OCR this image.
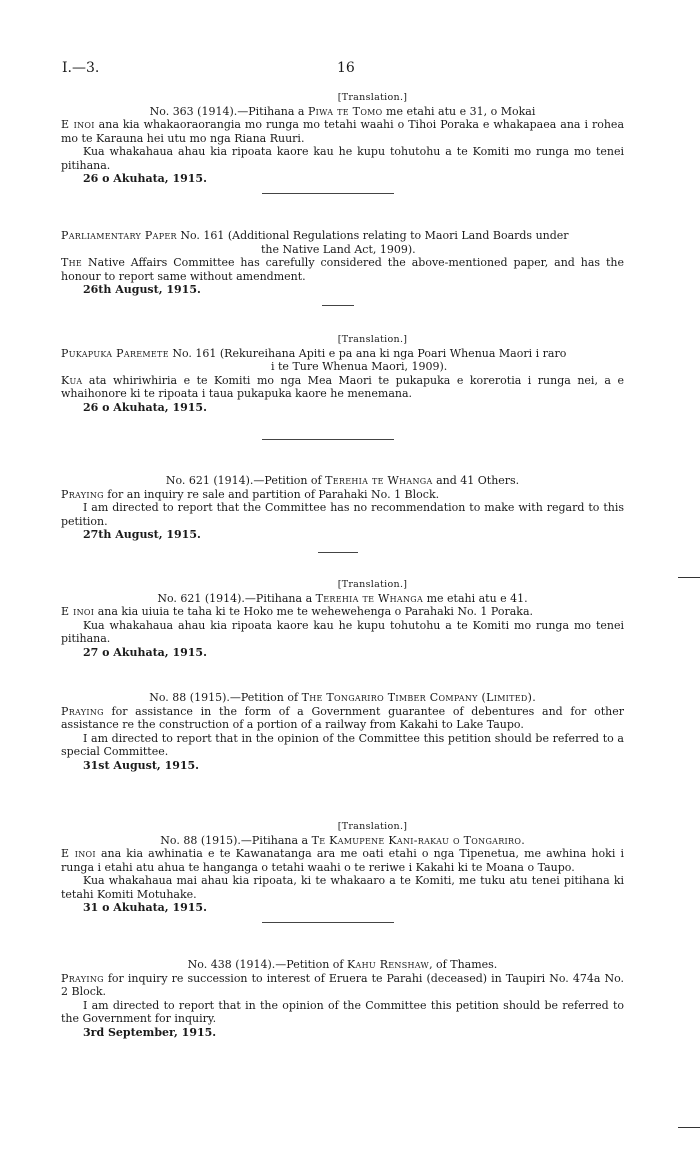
I.—3.	16

[Translation.]

No. 363 (1914).—Pitihana a Piwa te Tomo me etahi atu e 31, o Mokai

E inoi ana kia whakaoraorangia mo runga mo tetahi waahi o Tihoi Poraka e whakapaea ana i rohea mo te Karauna hei utu mo nga Riana Ruuri.

Kua whakahaua ahau kia ripoata kaore kau he kupu tohutohu a te Komiti mo runga mo tenei pitihana.

26 o Akuhata, 1915.

Parliamentary Paper No. 161 (Additional Regulations relating to Maori Land Boards under

the Native Land Act, 1909).

The Native Affairs Committee has carefully considered the above-mentioned paper, and has the honour to report same without amendment.

26th August, 1915.

[Translation.]

Pukapuka Paremete No. 161 (Rekureihana Apiti e pa ana ki nga Poari Whenua Maori i raro

i te Ture Whenua Maori, 1909).

Kua ata whiriwhiria e te Komiti mo nga Mea Maori te pukapuka e korerotia i runga nei, a e whaihonore ki te ripoata i taua pukapuka kaore he menemana.

26 o Akuhata, 1915.

No. 621 (1914).—Petition of Terehia te Whanga and 41 Others.

Praying for an inquiry re sale and partition of Parahaki No. 1 Block.

I am directed to report that the Committee has no recommendation to make with regard to this petition.

27th August, 1915.

[Translation.]

No. 621 (1914).—Pitihana a Terehia te Whanga me etahi atu e 41.

E inoi ana kia uiuia te taha ki te Hoko me te wehewehenga o Parahaki No. 1 Poraka.

Kua whakahaua ahau kia ripoata kaore kau he kupu tohutohu a te Komiti mo runga mo tenei pitihana.

27 o Akuhata, 1915.

No. 88 (1915).—Petition of The Tongariro Timber Company (Limited).

Praying for assistance in the form of a Government guarantee of debentures and for other assistance re the construction of a portion of a railway from Kakahi to Lake Taupo.

I am directed to report that in the opinion of the Committee this petition should be referred to a special Committee.

31st August, 1915.

[Translation.]

No. 88 (1915).—Pitihana a Te Kamupene Kani-rakau o Tongariro.

E inoi ana kia awhinatia e te Kawanatanga ara me oati etahi o nga Tipenetua, me awhina hoki i runga i etahi atu ahua te hanganga o tetahi waahi o te reriwe i Kakahi ki te Moana o Taupo.

Kua whakahaua mai ahau kia ripoata, ki te whakaaro a te Komiti, me tuku atu tenei pitihana ki tetahi Komiti Motuhake.

31 o Akuhata, 1915.

No. 438 (1914).—Petition of Kahu Renshaw, of Thames.

Praying for inquiry re succession to interest of Eruera te Parahi (deceased) in Taupiri No. 474a No. 2 Block.

I am directed to report that in the opinion of the Committee this petition should be referred to the Government for inquiry.

3rd September, 1915.
